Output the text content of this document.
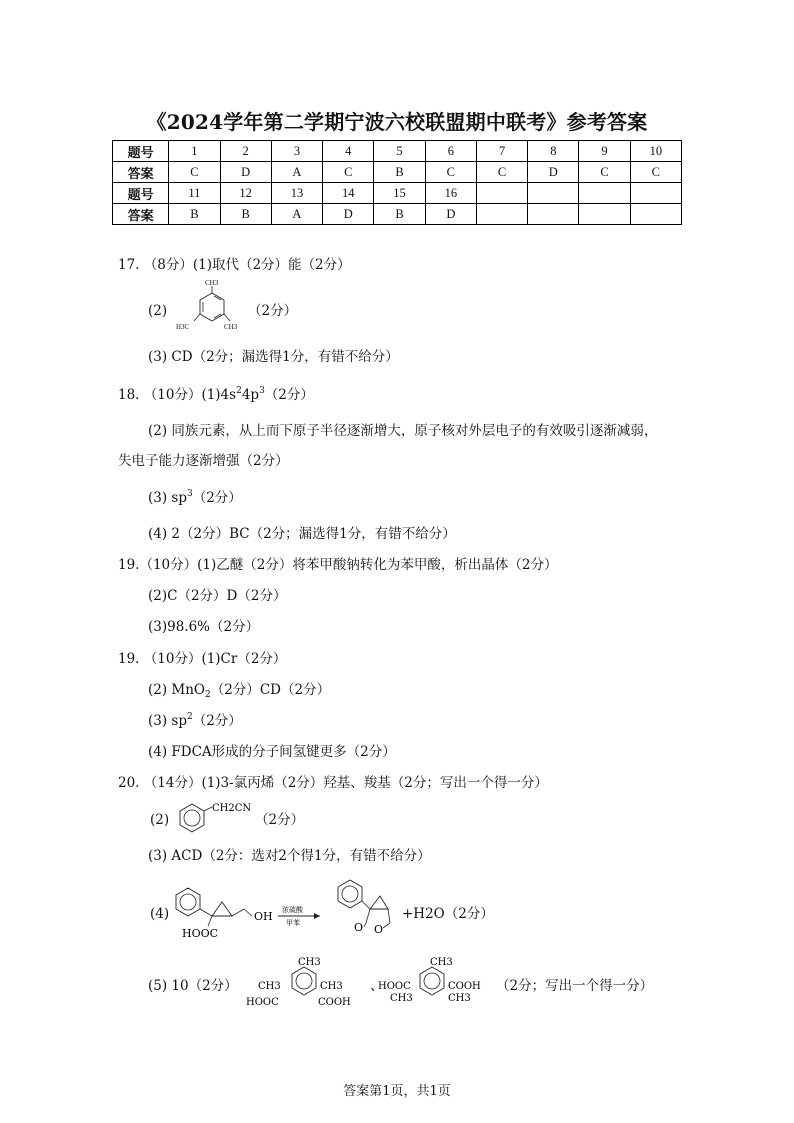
《2024学年第二学期宁波六校联盟期中联考》参考答案
题号	1	2	3	4	5	6	7	8	9	10
答案	C	D	A	C	B	C	C	D	C	C
题号	11	12	13	14	15	16				
答案	B	B	A	D	B	D				
17. （8分）(1)取代（2分）能（2分）
(2)
CH3
H3C	CH3
（2分）
(3) CD（2分；漏选得1分，有错不给分）
18. （10分）$(1)4s^24p^3(2$分）
(2) 同族元素，从上而下原子半径逐渐增大，原子核对外层电子的有效吸引逐渐减弱，
失电子能力逐渐增强（2分）
(3) $sp^3(2$分）
(4) 2（2分）BC（2分；漏选得1分，有错不给分）
19.（10分）(1)乙醚（2分）将苯甲酸钠转化为苯甲酸，析出晶体（2分）
(2)C（2分）D（2分）
(3)98.6%（2分）
19. （10分）(1)Cr（2分）
(2) MnO$_2$（2分）CD（2分）
(3) $sp^2(2$分）
(4) FDCA形成的分子间氢键更多（2分）
20. （14分）(1)3-氯丙烯（2分）羟基、羧基（2分；写出一个得一分）
(2)
CH2CN
（2分）
(3) ACD（2分：选对2个得1分，有错不给分）
(4)	OH
HOOC
浓硫酸
甲苯	O O
+H2O（2分）
(5) 10（2分）
CH3
CH3	CH3
HOOC	COOH
、
CH3
HOOC	COOH
CH3	CH3
（2分；写出一个得一分）
答案第1页，共1页
